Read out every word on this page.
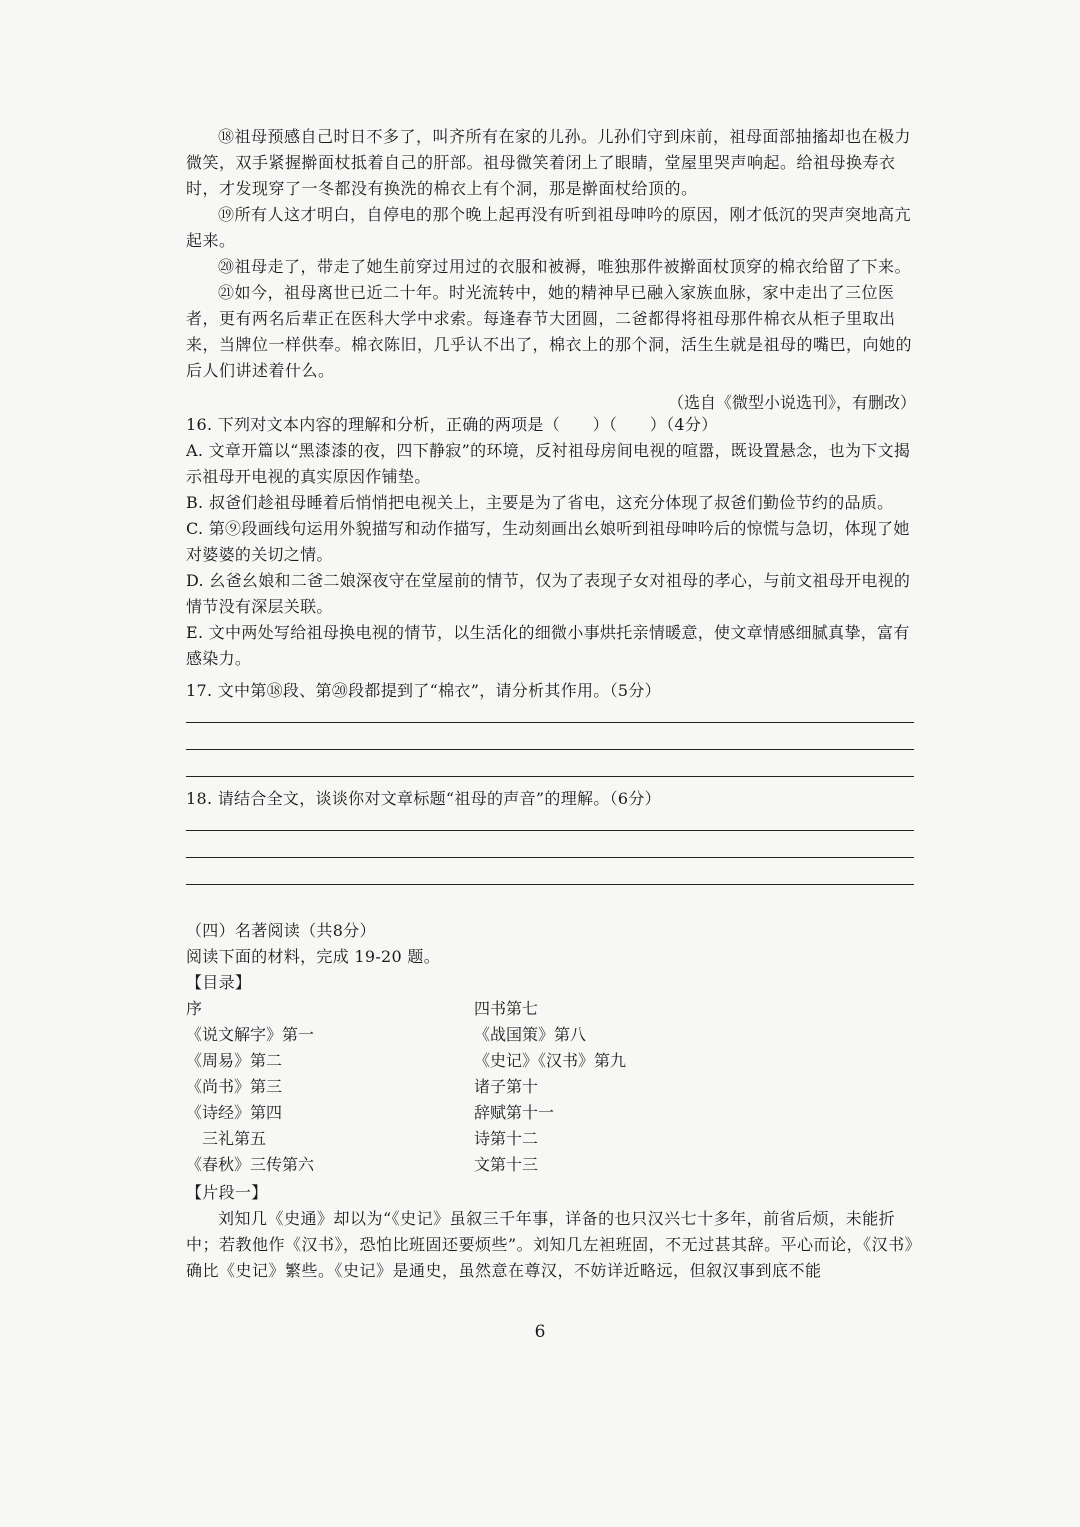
⑱祖母预感自己时日不多了，叫齐所有在家的儿孙。儿孙们守到床前，祖母面部抽搐却也在极力微笑，双手紧握擀面杖抵着自己的肝部。祖母微笑着闭上了眼睛，堂屋里哭声响起。给祖母换寿衣时，才发现穿了一冬都没有换洗的棉衣上有个洞，那是擀面杖给顶的。

⑲所有人这才明白，自停电的那个晚上起再没有听到祖母呻吟的原因，刚才低沉的哭声突地高亢起来。

⑳祖母走了，带走了她生前穿过用过的衣服和被褥，唯独那件被擀面杖顶穿的棉衣给留了下来。

㉑如今，祖母离世已近二十年。时光流转中，她的精神早已融入家族血脉，家中走出了三位医者，更有两名后辈正在医科大学中求索。每逢春节大团圆，二爸都得将祖母那件棉衣从柜子里取出来，当牌位一样供奉。棉衣陈旧，几乎认不出了，棉衣上的那个洞，活生生就是祖母的嘴巴，向她的后人们讲述着什么。

（选自《微型小说选刊》，有删改）

16. 下列对文本内容的理解和分析，正确的两项是（　　）（　　）（4分）

A. 文章开篇以“黑漆漆的夜，四下静寂”的环境，反衬祖母房间电视的喧嚣，既设置悬念，也为下文揭示祖母开电视的真实原因作铺垫。

B. 叔爸们趁祖母睡着后悄悄把电视关上，主要是为了省电，这充分体现了叔爸们勤俭节约的品质。

C. 第⑨段画线句运用外貌描写和动作描写，生动刻画出幺娘听到祖母呻吟后的惊慌与急切，体现了她对婆婆的关切之情。

D. 幺爸幺娘和二爸二娘深夜守在堂屋前的情节，仅为了表现子女对祖母的孝心，与前文祖母开电视的情节没有深层关联。

E. 文中两处写给祖母换电视的情节，以生活化的细微小事烘托亲情暖意，使文章情感细腻真挚，富有感染力。

17. 文中第⑱段、第⑳段都提到了“棉衣”，请分析其作用。（5分）

18. 请结合全文，谈谈你对文章标题“祖母的声音”的理解。（6分）

（四）名著阅读（共8分）

阅读下面的材料，完成 19-20 题。

【目录】

序
《说文解字》第一
《周易》第二
《尚书》第三
《诗经》第四
　三礼第五
《春秋》三传第六
四书第七
《战国策》第八
《史记》《汉书》第九
诸子第十
辞赋第十一
诗第十二
文第十三

【片段一】

刘知几《史通》却以为“《史记》虽叙三千年事，详备的也只汉兴七十多年，前省后烦，未能折中；若教他作《汉书》，恐怕比班固还要烦些”。刘知几左袒班固，不无过甚其辞。平心而论，《汉书》确比《史记》繁些。《史记》是通史，虽然意在尊汉，不妨详近略远，但叙汉事到底不能

6
